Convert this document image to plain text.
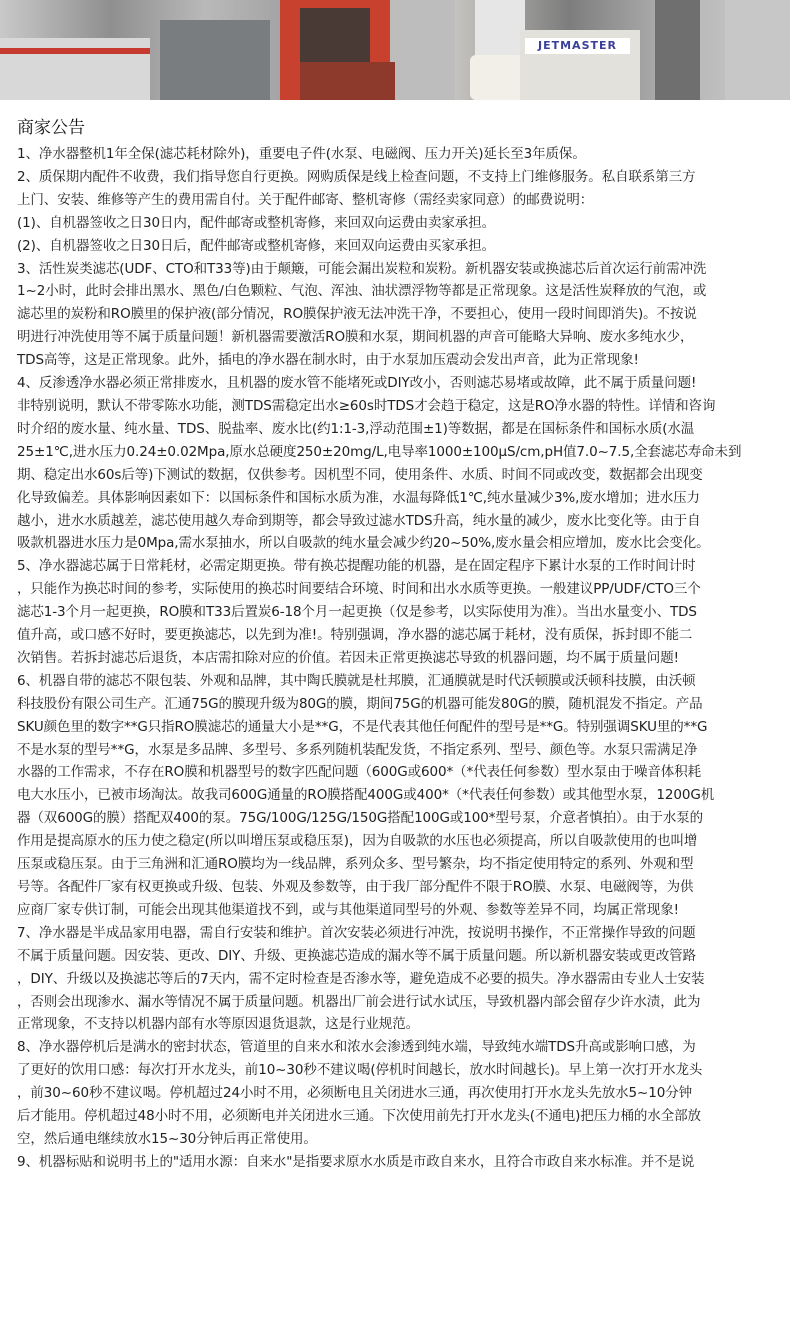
JETMASTER
商家公告

1、净水器整机1年全保(滤芯耗材除外)，重要电子件(水泵、电磁阀、压力开关)延长至3年质保。

2、质保期内配件不收费，我们指导您自行更换。网购质保是线上检查问题，不支持上门维修服务。私自联系第三方
上门、安装、维修等产生的费用需自付。关于配件邮寄、整机寄修（需经卖家同意）的邮费说明：

(1)、自机器签收之日30日内，配件邮寄或整机寄修，来回双向运费由卖家承担。

(2)、自机器签收之日30日后，配件邮寄或整机寄修，来回双向运费由买家承担。

3、活性炭类滤芯(UDF、CTO和T33等)由于颠簸，可能会漏出炭粒和炭粉。新机器安装或换滤芯后首次运行前需冲洗
1~2小时，此时会排出黑水、黑色/白色颗粒、气泡、浑浊、油状漂浮物等都是正常现象。这是活性炭释放的气泡，或
滤芯里的炭粉和RO膜里的保护液(部分情况，RO膜保护液无法冲洗干净，不要担心，使用一段时间即消失)。不按说
明进行冲洗使用等不属于质量问题！新机器需要激活RO膜和水泵，期间机器的声音可能略大异响、废水多纯水少，
TDS高等，这是正常现象。此外，插电的净水器在制水时，由于水泵加压震动会发出声音，此为正常现象!

4、反渗透净水器必须正常排废水，且机器的废水管不能堵死或DIY改小，否则滤芯易堵或故障，此不属于质量问题!
非特别说明，默认不带零陈水功能，测TDS需稳定出水≥60s时TDS才会趋于稳定，这是RO净水器的特性。详情和咨询
时介绍的废水量、纯水量、TDS、脱盐率、废水比(约1:1-3,浮动范围±1)等数据，都是在国标条件和国标水质(水温
25±1℃,进水压力0.24±0.02Mpa,原水总硬度250±20mg/L,电导率1000±100μS/cm,pH值7.0~7.5,全套滤芯寿命未到
期、稳定出水60s后等)下测试的数据，仅供参考。因机型不同，使用条件、水质、时间不同或改变，数据都会出现变
化导致偏差。具体影响因素如下：以国标条件和国标水质为准，水温每降低1℃,纯水量减少3%,废水增加；进水压力
越小，进水水质越差，滤芯使用越久寿命到期等，都会导致过滤水TDS升高，纯水量的减少，废水比变化等。由于自
吸款机器进水压力是0Mpa,需水泵抽水，所以自吸款的纯水量会减少约20~50%,废水量会相应增加，废水比会变化。

5、净水器滤芯属于日常耗材，必需定期更换。带有换芯提醒功能的机器，是在固定程序下累计水泵的工作时间计时
，只能作为换芯时间的参考，实际使用的换芯时间要结合环境、时间和出水水质等更换。一般建议PP/UDF/CTO三个
滤芯1-3个月一起更换，RO膜和T33后置炭6-18个月一起更换（仅是参考，以实际使用为准）。当出水量变小、TDS
值升高，或口感不好时，要更换滤芯，以先到为准!。特别强调，净水器的滤芯属于耗材，没有质保，拆封即不能二
次销售。若拆封滤芯后退货，本店需扣除对应的价值。若因未正常更换滤芯导致的机器问题，均不属于质量问题!

6、机器自带的滤芯不限包装、外观和品牌，其中陶氏膜就是杜邦膜，汇通膜就是时代沃顿膜或沃顿科技膜，由沃顿
科技股份有限公司生产。汇通75G的膜现升级为80G的膜，期间75G的机器可能发80G的膜，随机混发不指定。产品
SKU颜色里的数字**G只指RO膜滤芯的通量大小是**G，不是代表其他任何配件的型号是**G。特别强调SKU里的**G
不是水泵的型号**G，水泵是多品牌、多型号、多系列随机装配发货，不指定系列、型号、颜色等。水泵只需满足净
水器的工作需求，不存在RO膜和机器型号的数字匹配问题（600G或600*（*代表任何参数）型水泵由于噪音体积耗
电大水压小，已被市场淘汰。故我司600G通量的RO膜搭配400G或400*（*代表任何参数）或其他型水泵，1200G机
器（双600G的膜）搭配双400的泵。75G/100G/125G/150G搭配100G或100*型号泵，介意者慎拍）。由于水泵的
作用是提高原水的压力使之稳定(所以叫增压泵或稳压泵)，因为自吸款的水压也必须提高，所以自吸款使用的也叫增
压泵或稳压泵。由于三角洲和汇通RO膜均为一线品牌，系列众多、型号繁杂，均不指定使用特定的系列、外观和型
号等。各配件厂家有权更换或升级、包装、外观及参数等，由于我厂部分配件不限于RO膜、水泵、电磁阀等，为供
应商厂家专供订制，可能会出现其他渠道找不到，或与其他渠道同型号的外观、参数等差异不同，均属正常现象!

7、净水器是半成品家用电器，需自行安装和维护。首次安装必须进行冲洗，按说明书操作，不正常操作导致的问题
不属于质量问题。因安装、更改、DIY、升级、更换滤芯造成的漏水等不属于质量问题。所以新机器安装或更改管路
，DIY、升级以及换滤芯等后的7天内，需不定时检查是否渗水等，避免造成不必要的损失。净水器需由专业人士安装
，否则会出现渗水、漏水等情况不属于质量问题。机器出厂前会进行试水试压，导致机器内部会留存少许水渍，此为
正常现象，不支持以机器内部有水等原因退货退款，这是行业规范。

8、净水器停机后是满水的密封状态，管道里的自来水和浓水会渗透到纯水端，导致纯水端TDS升高或影响口感，为
了更好的饮用口感：每次打开水龙头，前10~30秒不建议喝(停机时间越长，放水时间越长)。早上第一次打开水龙头
，前30~60秒不建议喝。停机超过24小时不用，必须断电且关闭进水三通，再次使用打开水龙头先放水5~10分钟
后才能用。停机超过48小时不用，必须断电并关闭进水三通。下次使用前先打开水龙头(不通电)把压力桶的水全部放
空，然后通电继续放水15~30分钟后再正常使用。

9、机器标贴和说明书上的"适用水源：自来水"是指要求原水水质是市政自来水，且符合市政自来水标准。并不是说
